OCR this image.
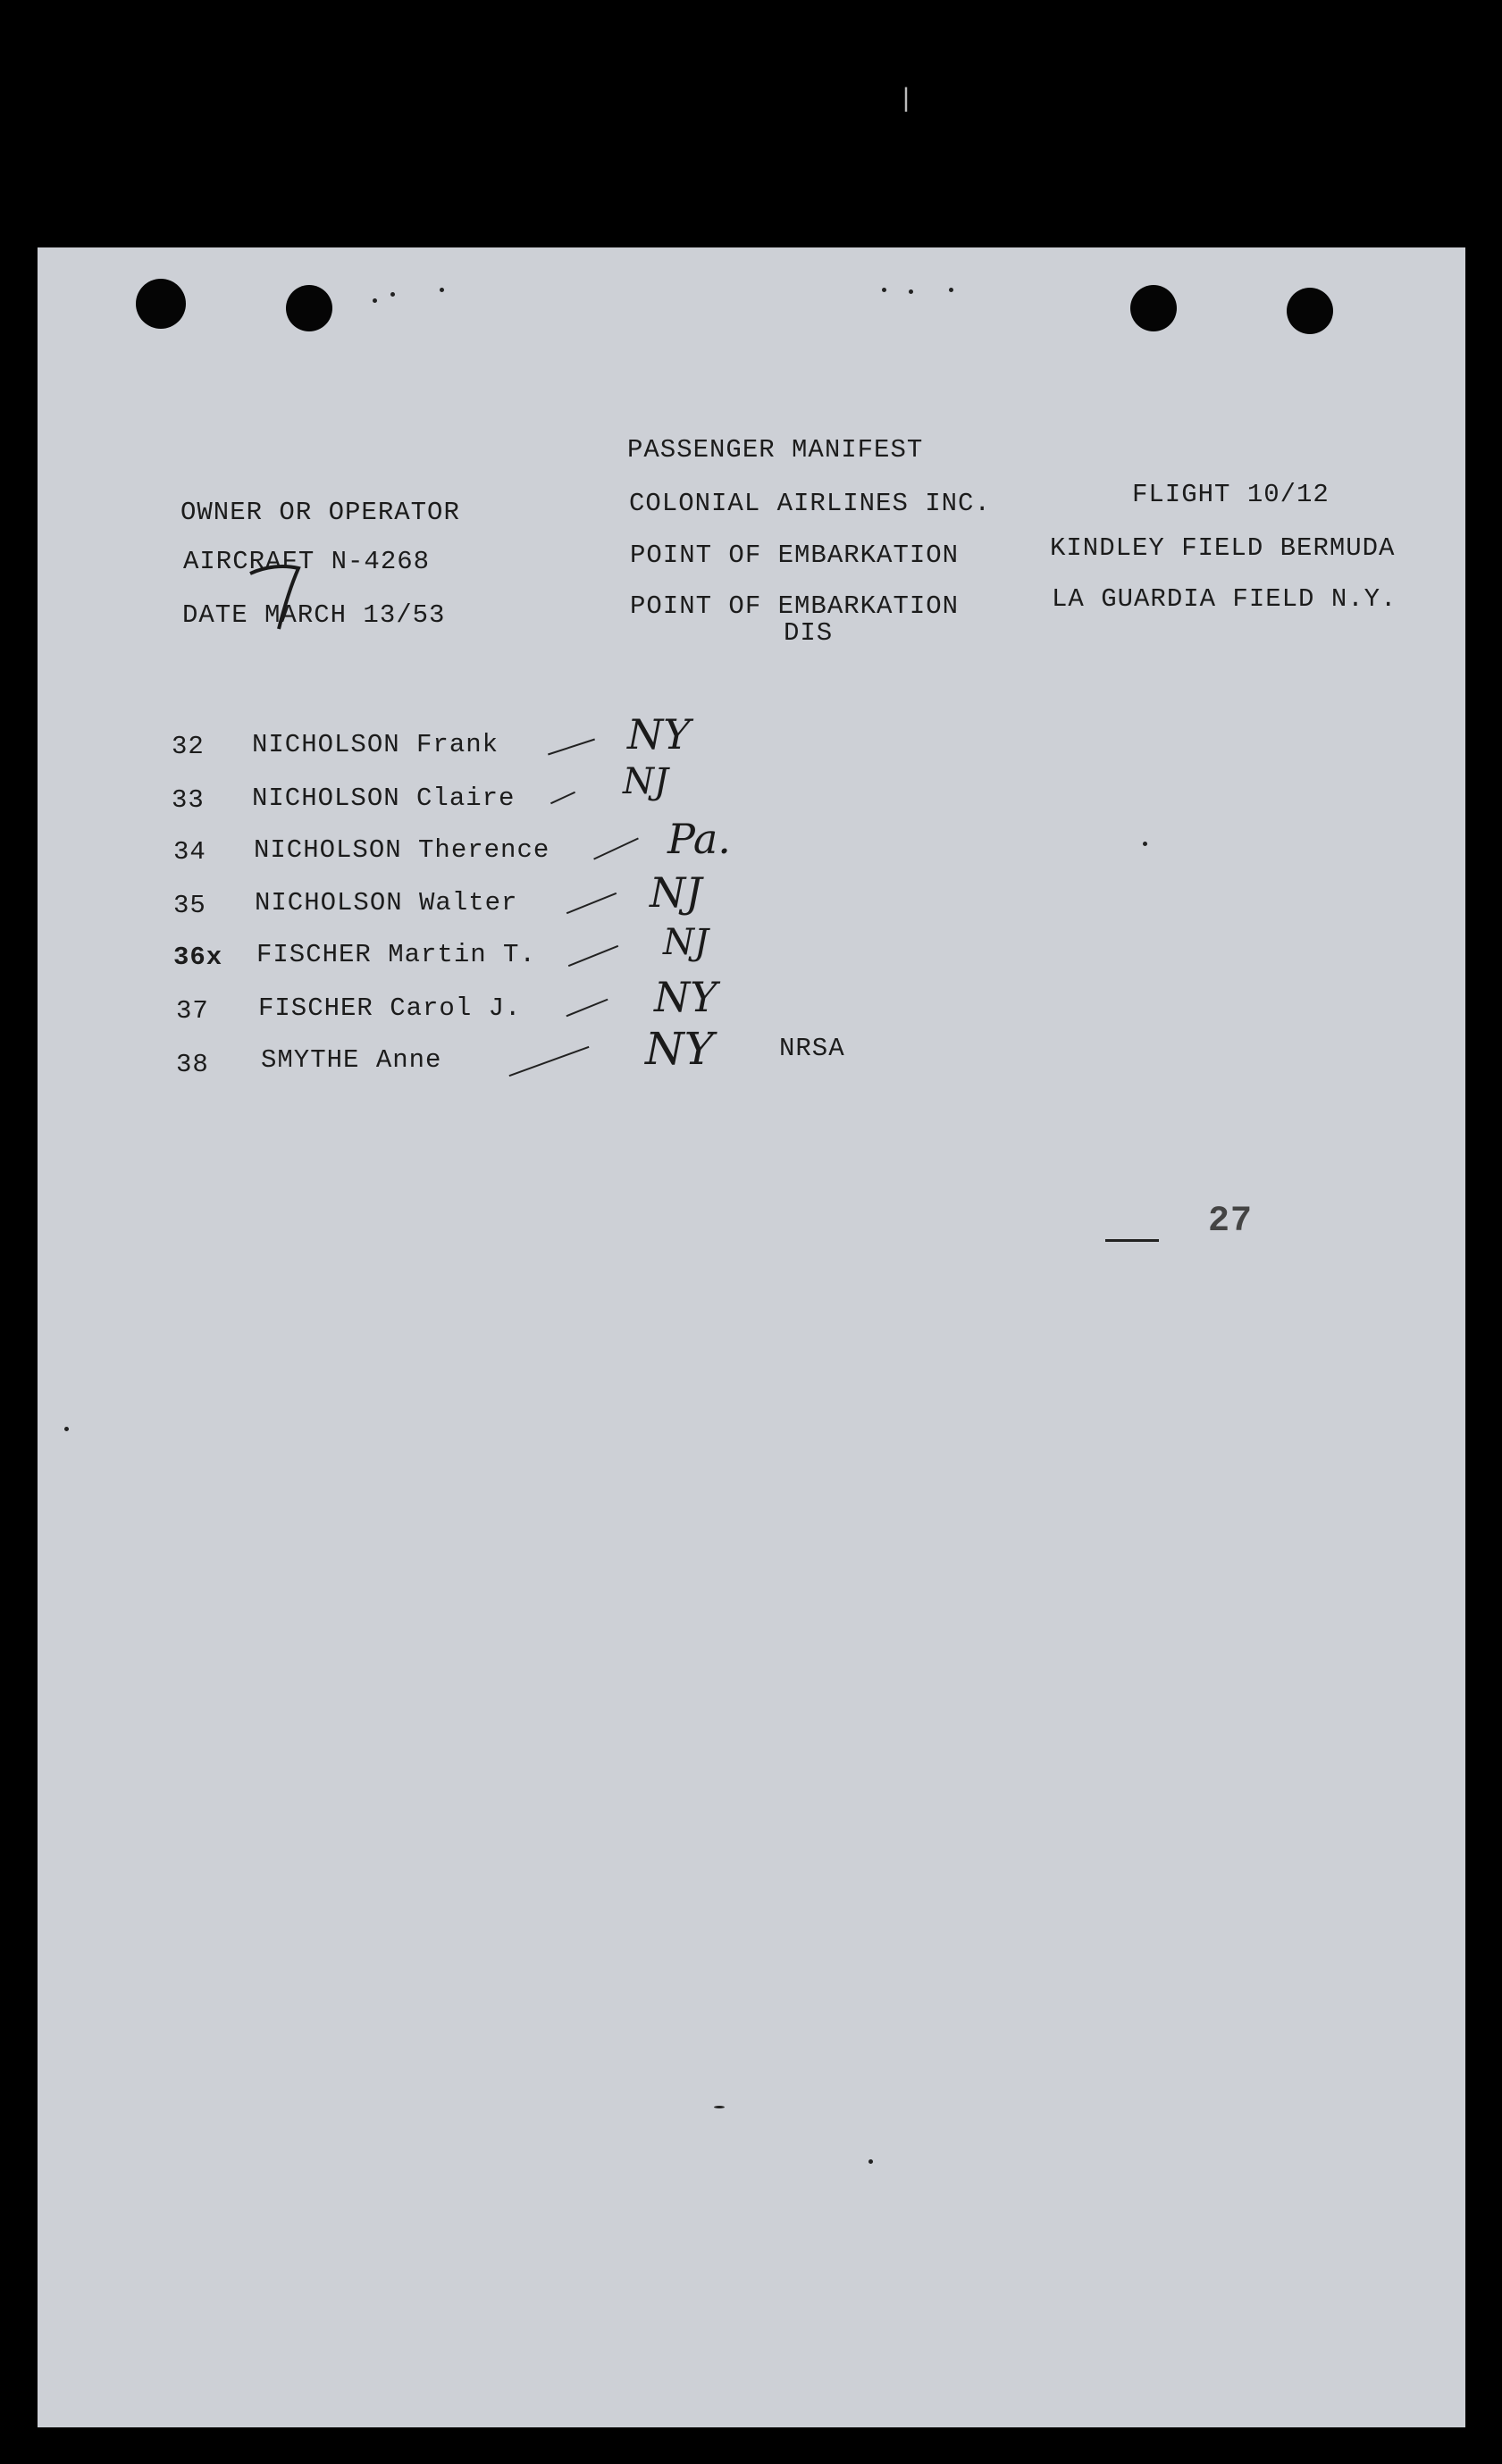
|
PASSENGER MANIFEST
OWNER OR OPERATOR	COLONIAL AIRLINES INC.	FLIGHT 10/12
AIRCRAFT N-4268	POINT OF EMBARKATION	KINDLEY FIELD BERMUDA
DATE MARCH 13/53	POINT OF EMBARKATION	LA GUARDIA FIELD N.Y.
DIS
32 NICHOLSON Frank	NY
33 NICHOLSON Claire	NJ
34 NICHOLSON Therence	Pa.
35 NICHOLSON Walter	NJ
36x FISCHER Martin T.	NJ
37 FISCHER Carol J.	NY
38 SMYTHE Anne	NY	NRSA
27
